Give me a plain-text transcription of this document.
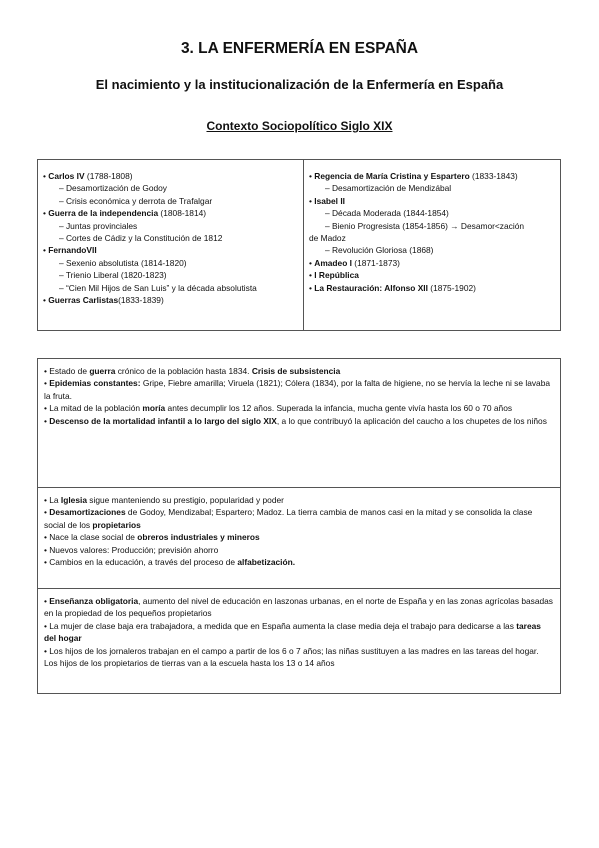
3. LA ENFERMERÍA EN ESPAÑA
El nacimiento y la institucionalización de la Enfermería en España
Contexto Sociopolítico Siglo XIX
• Carlos IV (1788-1808)
– Desamortización de Godoy
– Crisis económica y derrota de Trafalgar
• Guerra de la independencia (1808-1814)
– Juntas provinciales
– Cortes de Cádiz y la Constitución de 1812
• FernandoVII
– Sexenio absolutista (1814-1820)
– Trienio Liberal (1820-1823)
– “Cien Mil Hijos de San Luis” y la década absolutista
• Guerras Carlistas(1833-1839)
• Regencia de María Cristina y Espartero (1833-1843)
– Desamortización de Mendizábal
• Isabel II
– Década Moderada (1844-1854)
– Bienio Progresista (1854-1856) → Desamor<zación
de Madoz
– Revolución Gloriosa (1868)
• Amadeo I (1871-1873)
• I República
• La Restauración: Alfonso XII (1875-1902)

• Estado de guerra crónico de la población hasta 1834. Crisis de subsistencia

• Epidemias constantes: Gripe, Fiebre amarilla; Viruela (1821); Cólera (1834), por la falta de higiene, no se hervía la leche ni se lavaba la fruta.

• La mitad de la población moría antes decumplir los 12 años. Superada la infancia, mucha gente vivía hasta los 60 o 70 años

• Descenso de la mortalidad infantil a lo largo del siglo XIX, a lo que contribuyó la aplicación del caucho a los chupetes de los niños

• La Iglesia sigue manteniendo su prestigio, popularidad y poder

• Desamortizaciones de Godoy, Mendizabal; Espartero; Madoz. La tierra cambia de manos casi en la mitad y se consolida la clase social de los propietarios

• Nace la clase social de obreros industriales y mineros

• Nuevos valores: Producción; previsión ahorro

• Cambios en la educación, a través del proceso de alfabetización.

• Enseñanza obligatoria, aumento del nivel de educación en laszonas urbanas, en el norte de España y en las zonas agrícolas basadas en la propiedad de los pequeños propietarios

• La mujer de clase baja era trabajadora, a medida que en España aumenta la clase media deja el trabajo para dedicarse a las tareas del hogar

• Los hijos de los jornaleros trabajan en el campo a partir de los 6 o 7 años; las niñas sustituyen a las madres en las tareas del hogar. Los hijos de los propietarios de tierras van a la escuela hasta los 13 o 14 años
